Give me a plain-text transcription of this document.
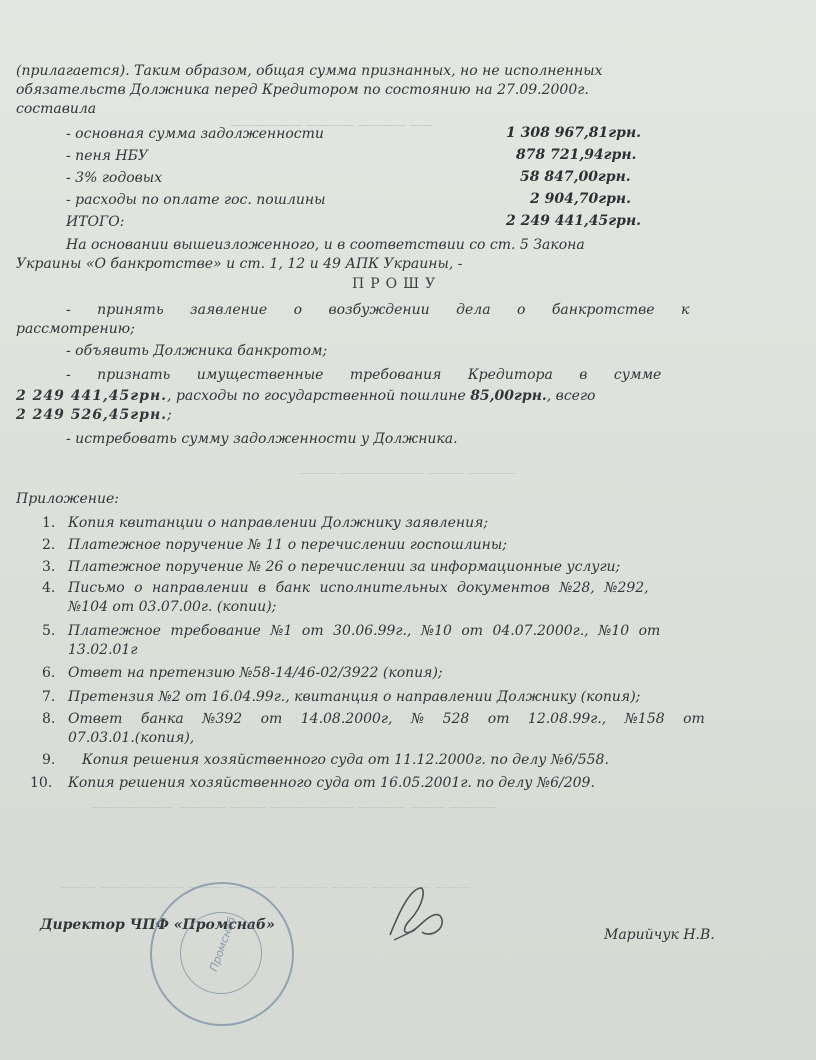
—————— ———— ———— ——
——— ——————— ——— ————
——————— ———— ——— ——————— ———— ——— ————
——— ——————— ——— ———— ———— ——— ————— ———
(прилагается). Таким образом, общая сумма признанных, но не исполненных
обязательств Должника перед Кредитором по состоянию на 27.09.2000г.
составила
- основная сумма задолженности	1 308 967,81грн.
- пеня НБУ	878 721,94грн.
- 3% годовых	58 847,00грн.
- расходы по оплате гос. пошлины	2 904,70грн.
ИТОГО:	2 249 441,45грн.
На основании вышеизложенного, и в соответствии со ст. 5 Закона
Украины «О банкротстве» и ст. 1, 12 и 49 АПК Украины, -
ПРОШУ
- принять заявление о возбуждении дела о банкротстве к
рассмотрению;
- объявить Должника банкротом;
- признать имущественные требования Кредитора в сумме
2 249 441,45грн., расходы по государственной пошлине 85,00грн., всего
2 249 526,45грн.;
- истребовать сумму задолженности у Должника.
Приложение:
1. Копия квитанции о направлении Должнику заявления;
2. Платежное поручение № 11 о перечислении госпошлины;
3. Платежное поручение № 26 о перечислении за информационные услуги;
4. Письмо о направлении в банк исполнительных документов №28, №292,
№104 от 03.07.00г. (копии);
5. Платежное требование №1 от 30.06.99г., №10 от 04.07.2000г., №10 от
13.02.01г
6. Ответ на претензию №58-14/46-02/3922 (копия);
7. Претензия №2 от 16.04.99г., квитанция о направлении Должнику (копия);
8. Ответ банка №392 от 14.08.2000г, № 528 от 12.08.99г., №158 от
07.03.01.(копия),
9. Копия решения хозяйственного суда от 11.12.2000г. по делу №6/558.
10. Копия решения хозяйственного суда от 16.05.2001г. по делу №6/209.
Директор ЧПФ «Промснаб»
Марийчук Н.В.
Промснаб
